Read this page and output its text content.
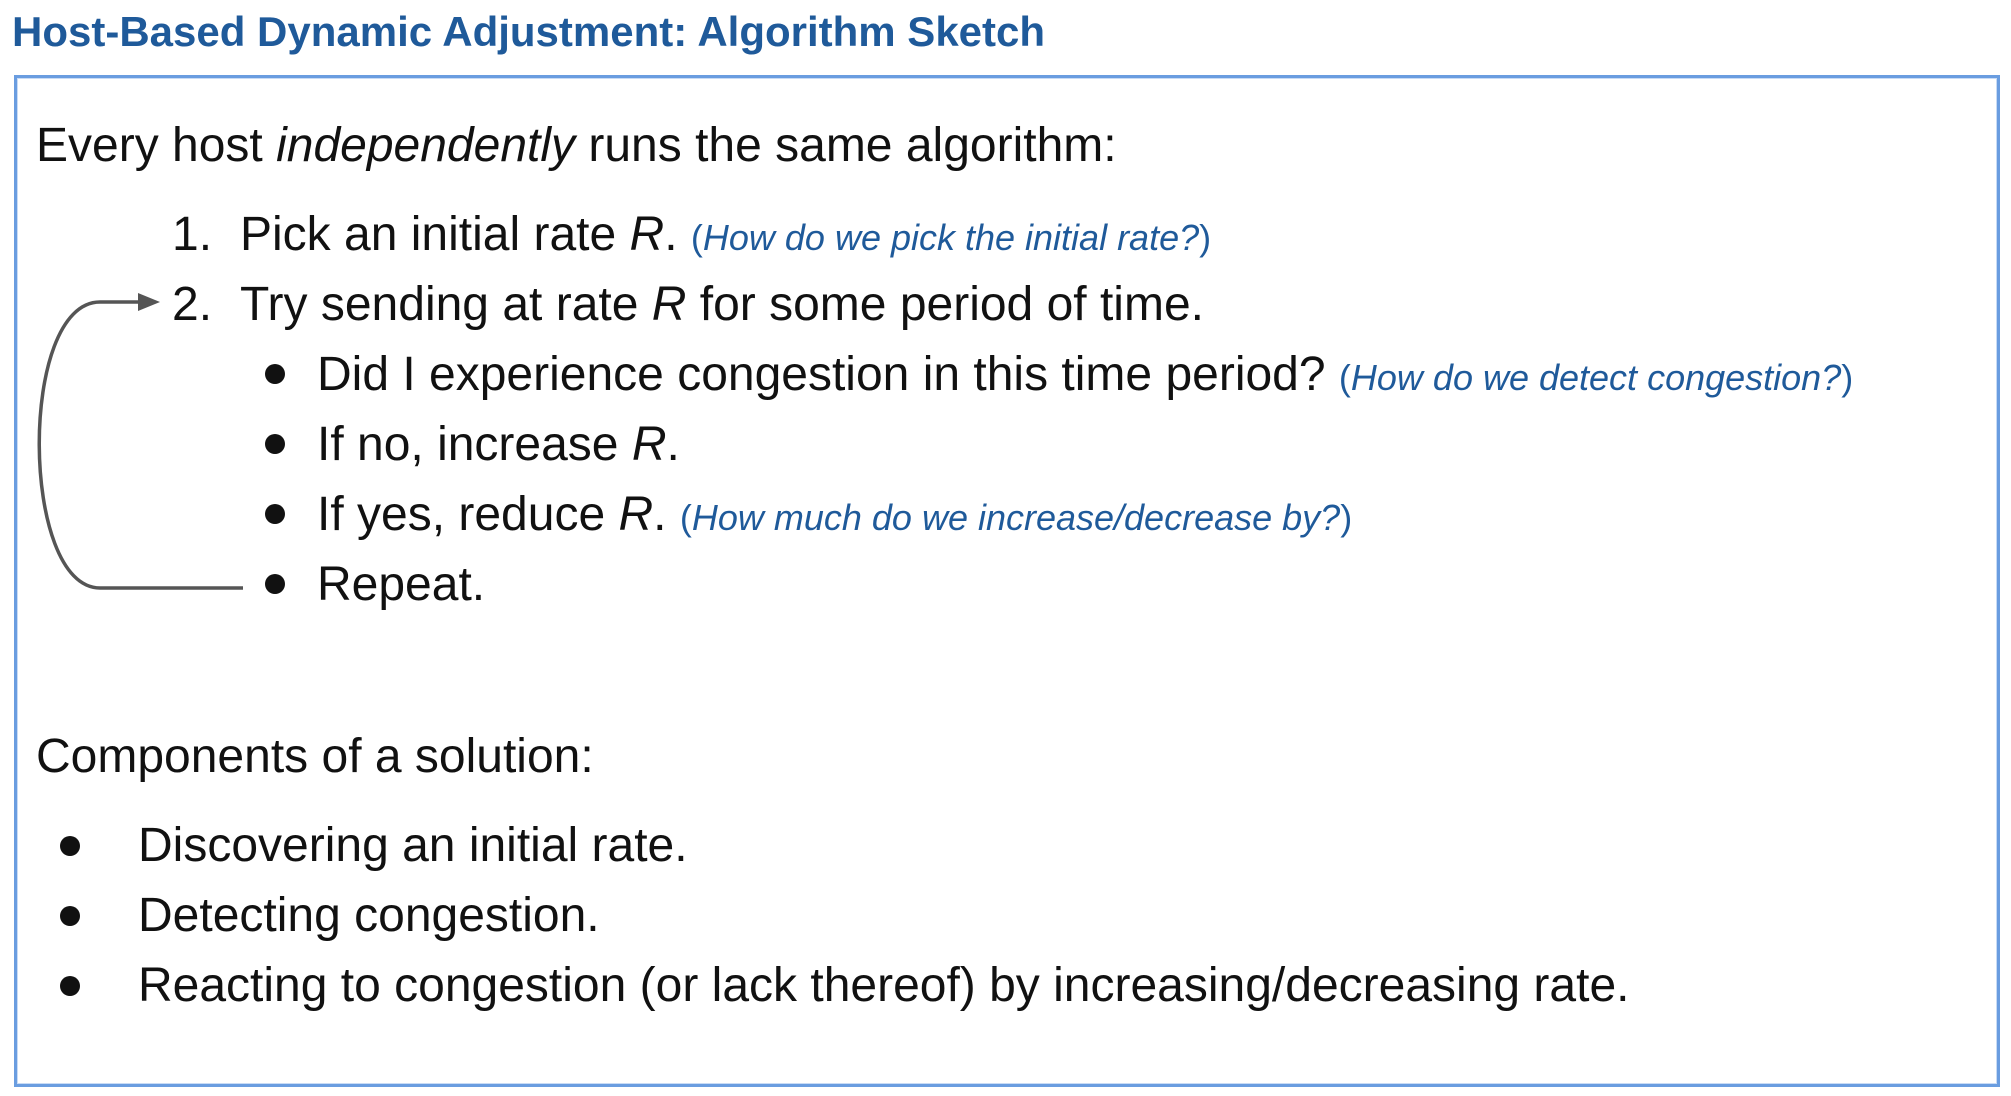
Host-Based Dynamic Adjustment: Algorithm Sketch
Every host independently runs the same algorithm:
1. Pick an initial rate R. (How do we pick the initial rate?)
2. Try sending at rate R for some period of time.
Did I experience congestion in this time period? (How do we detect congestion?)
If no, increase R.
If yes, reduce R. (How much do we increase/decrease by?)
Repeat.
Components of a solution:
Discovering an initial rate.
Detecting congestion.
Reacting to congestion (or lack thereof) by increasing/decreasing rate.
